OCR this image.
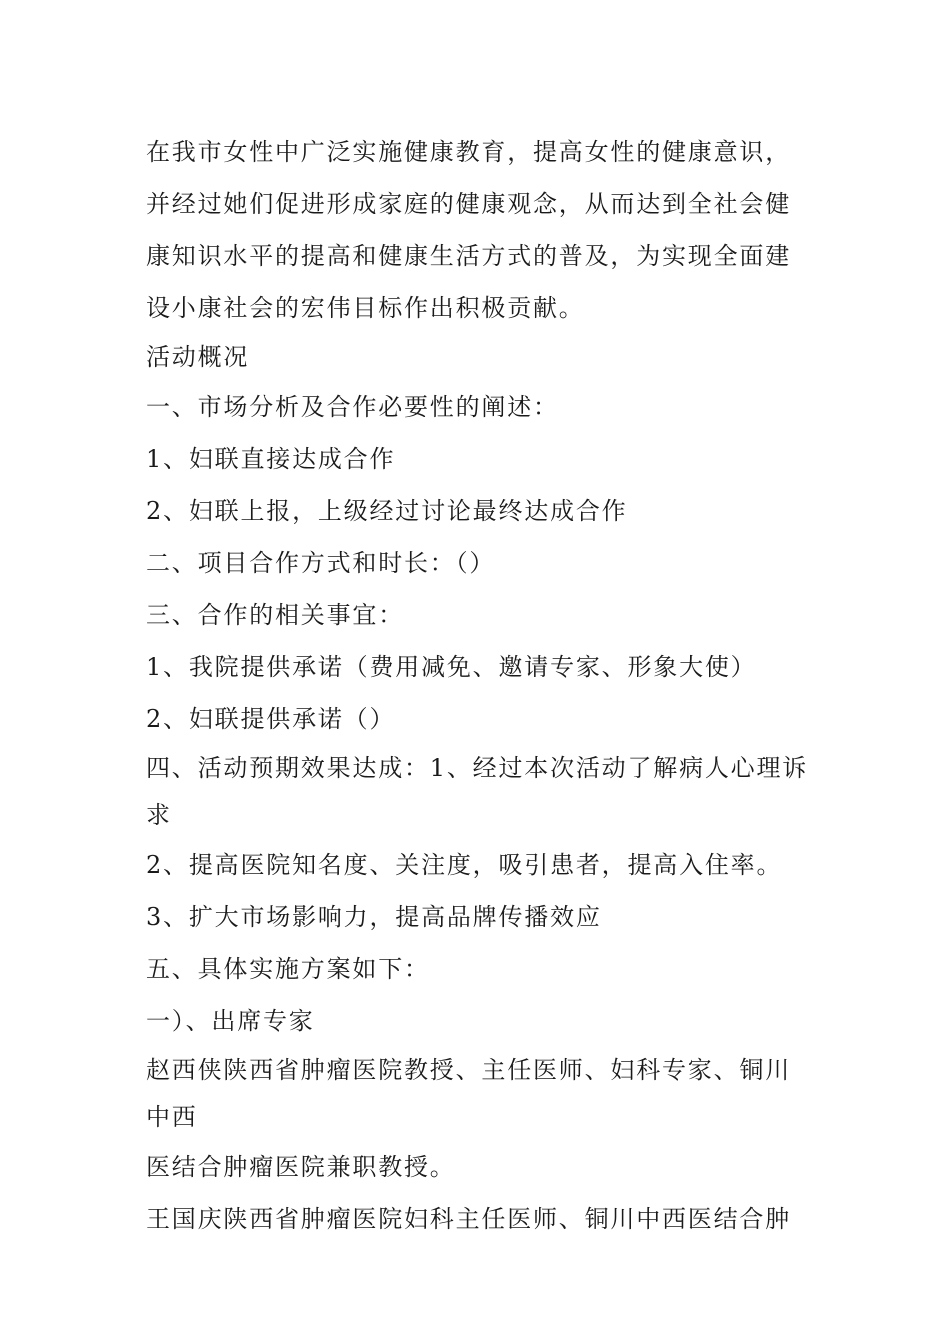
在我市女性中广泛实施健康教育，提高女性的健康意识，

并经过她们促进形成家庭的健康观念，从而达到全社会健

康知识水平的提高和健康生活方式的普及，为实现全面建

设小康社会的宏伟目标作出积极贡献。

活动概况

一、市场分析及合作必要性的阐述：

1、妇联直接达成合作

2、妇联上报，上级经过讨论最终达成合作

二、项目合作方式和时长：（）

三、合作的相关事宜：

1、我院提供承诺（费用减免、邀请专家、形象大使）

2、妇联提供承诺（）

四、活动预期效果达成：1、经过本次活动了解病人心理诉

求

2、提高医院知名度、关注度，吸引患者，提高入住率。

3、扩大市场影响力，提高品牌传播效应

五、具体实施方案如下：

一）、出席专家

赵西侠陕西省肿瘤医院教授、主任医师、妇科专家、铜川

中西

医结合肿瘤医院兼职教授。

王国庆陕西省肿瘤医院妇科主任医师、铜川中西医结合肿
